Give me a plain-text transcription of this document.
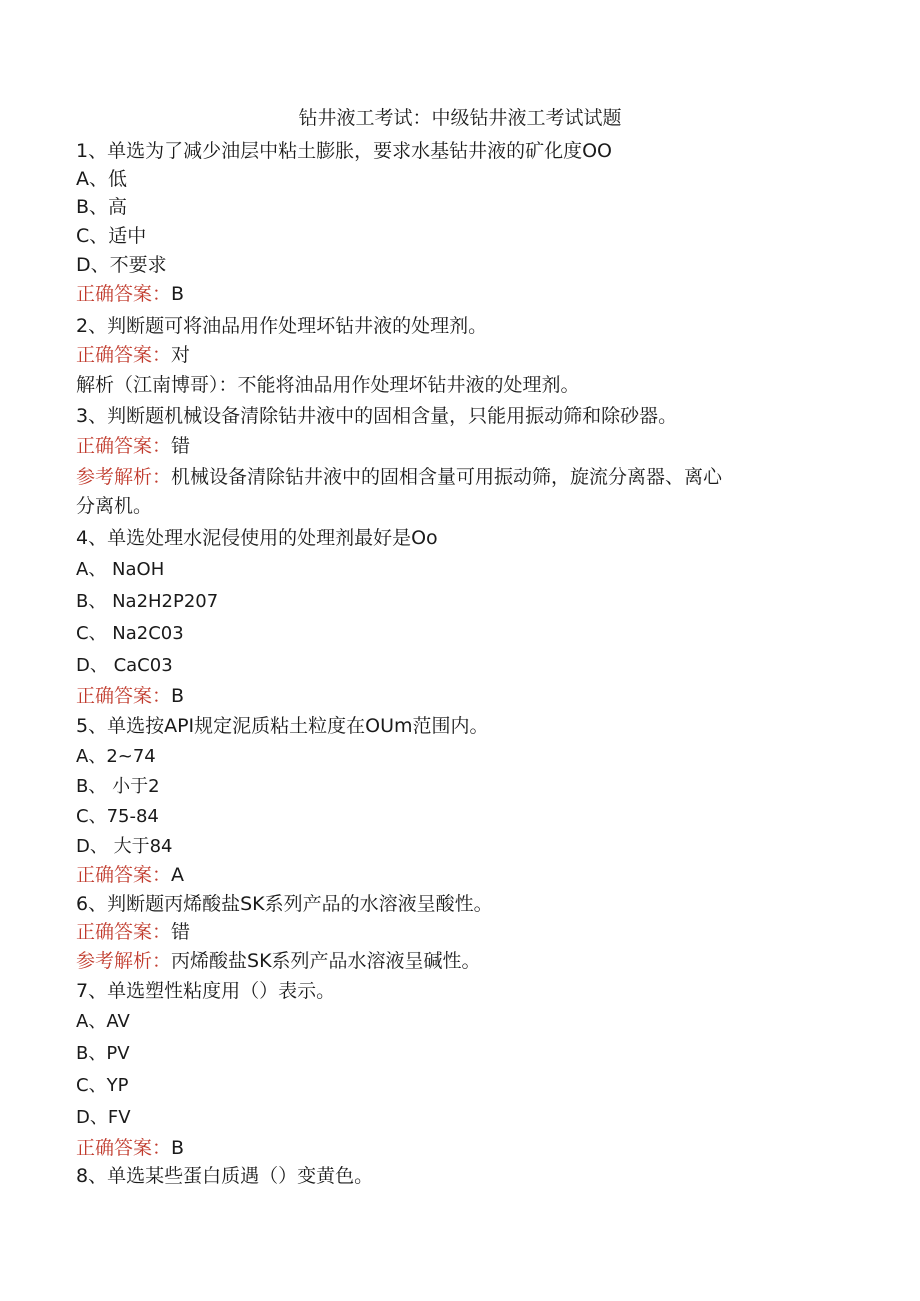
钻井液工考试：中级钻井液工考试试题
1、单选为了减少油层中粘土膨胀，要求水基钻井液的矿化度OO
A、低
B、高
C、适中
D、不要求
正确答案：B
2、判断题可将油品用作处理坏钻井液的处理剂。
正确答案：对
解析（江南博哥）：不能将油品用作处理坏钻井液的处理剂。
3、判断题机械设备清除钻井液中的固相含量，只能用振动筛和除砂器。
正确答案：错
参考解析：机械设备清除钻井液中的固相含量可用振动筛，旋流分离器、离心
分离机。
4、单选处理水泥侵使用的处理剂最好是Oo
A、 NaOH
B、 Na2H2P207
C、 Na2C03
D、 CaC03
正确答案：B
5、单选按API规定泥质粘土粒度在OUm范围内。
A、2~74
B、 小于2
C、75-84
D、 大于84
正确答案：A
6、判断题丙烯酸盐SK系列产品的水溶液呈酸性。
正确答案：错
参考解析：丙烯酸盐SK系列产品水溶液呈碱性。
7、单选塑性粘度用（）表示。
A、AV
B、PV
C、YP
D、FV
正确答案：B
8、单选某些蛋白质遇（）变黄色。
